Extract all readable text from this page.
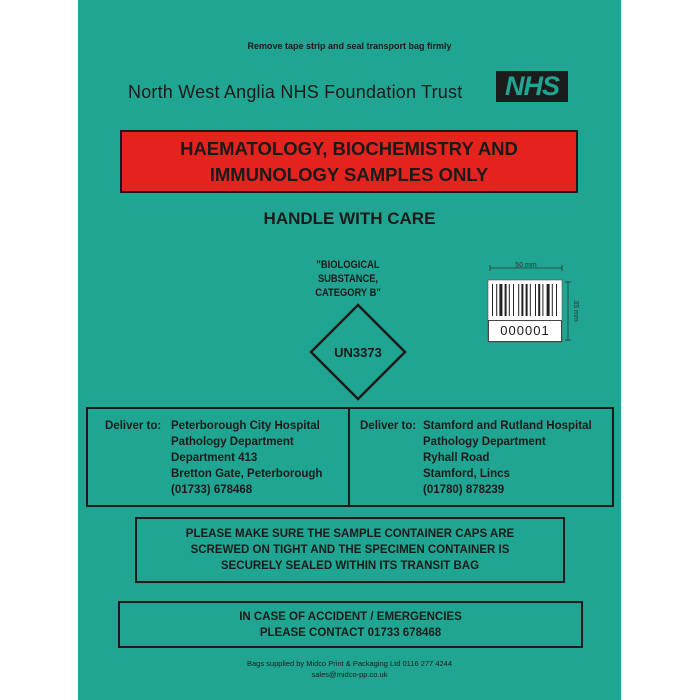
Remove tape strip and seal transport bag firmly
North West Anglia NHS Foundation Trust	NHS
HAEMATOLOGY, BIOCHEMISTRY AND
IMMUNOLOGY SAMPLES ONLY
HANDLE WITH CARE
"BIOLOGICAL SUBSTANCE,
CATEGORY B"
UN3373
50 mm
35 mm
000001
Deliver to: Peterborough City Hospital
Pathology Department
Department 413
Bretton Gate, Peterborough
(01733) 678468
Deliver to: Stamford and Rutland Hospital
Pathology Department
Ryhall Road
Stamford, Lincs
(01780) 878239
PLEASE MAKE SURE THE SAMPLE CONTAINER CAPS ARE
SCREWED ON TIGHT AND THE SPECIMEN CONTAINER IS
SECURELY SEALED WITHIN ITS TRANSIT BAG
IN CASE OF ACCIDENT / EMERGENCIES
PLEASE CONTACT 01733 678468
Bags supplied by Midco Print & Packaging Ltd 0116 277 4244
sales@midco-pp.co.uk
